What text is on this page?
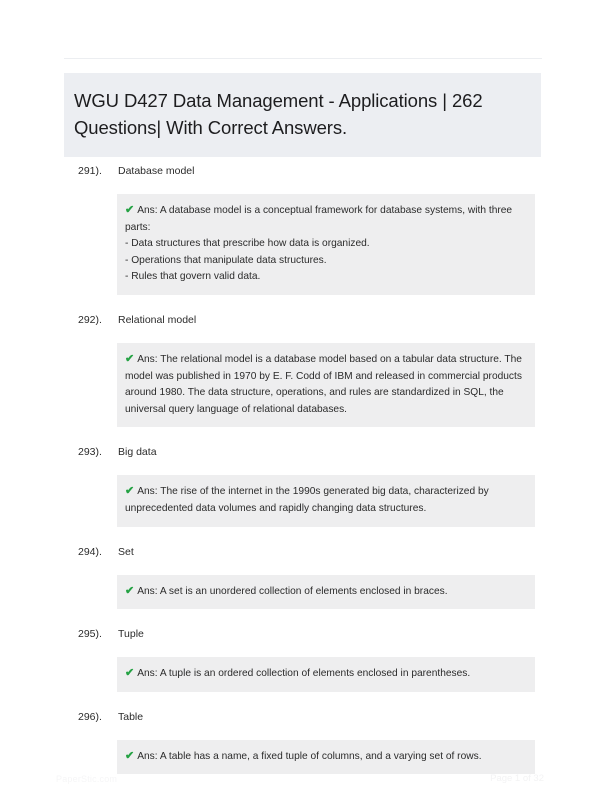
WGU D427 Data Management - Applications | 262 Questions| With Correct Answers.
291). Database model
✔ Ans: A database model is a conceptual framework for database systems, with three parts:
- Data structures that prescribe how data is organized.
- Operations that manipulate data structures.
- Rules that govern valid data.
292). Relational model
✔ Ans: The relational model is a database model based on a tabular data structure. The model was published in 1970 by E. F. Codd of IBM and released in commercial products around 1980. The data structure, operations, and rules are standardized in SQL, the universal query language of relational databases.
293). Big data
✔ Ans: The rise of the internet in the 1990s generated big data, characterized by unprecedented data volumes and rapidly changing data structures.
294). Set
✔ Ans: A set is an unordered collection of elements enclosed in braces.
295). Tuple
✔ Ans: A tuple is an ordered collection of elements enclosed in parentheses.
296). Table
✔ Ans: A table has a name, a fixed tuple of columns, and a varying set of rows.
PaperStic.com	Page 1 of 32
